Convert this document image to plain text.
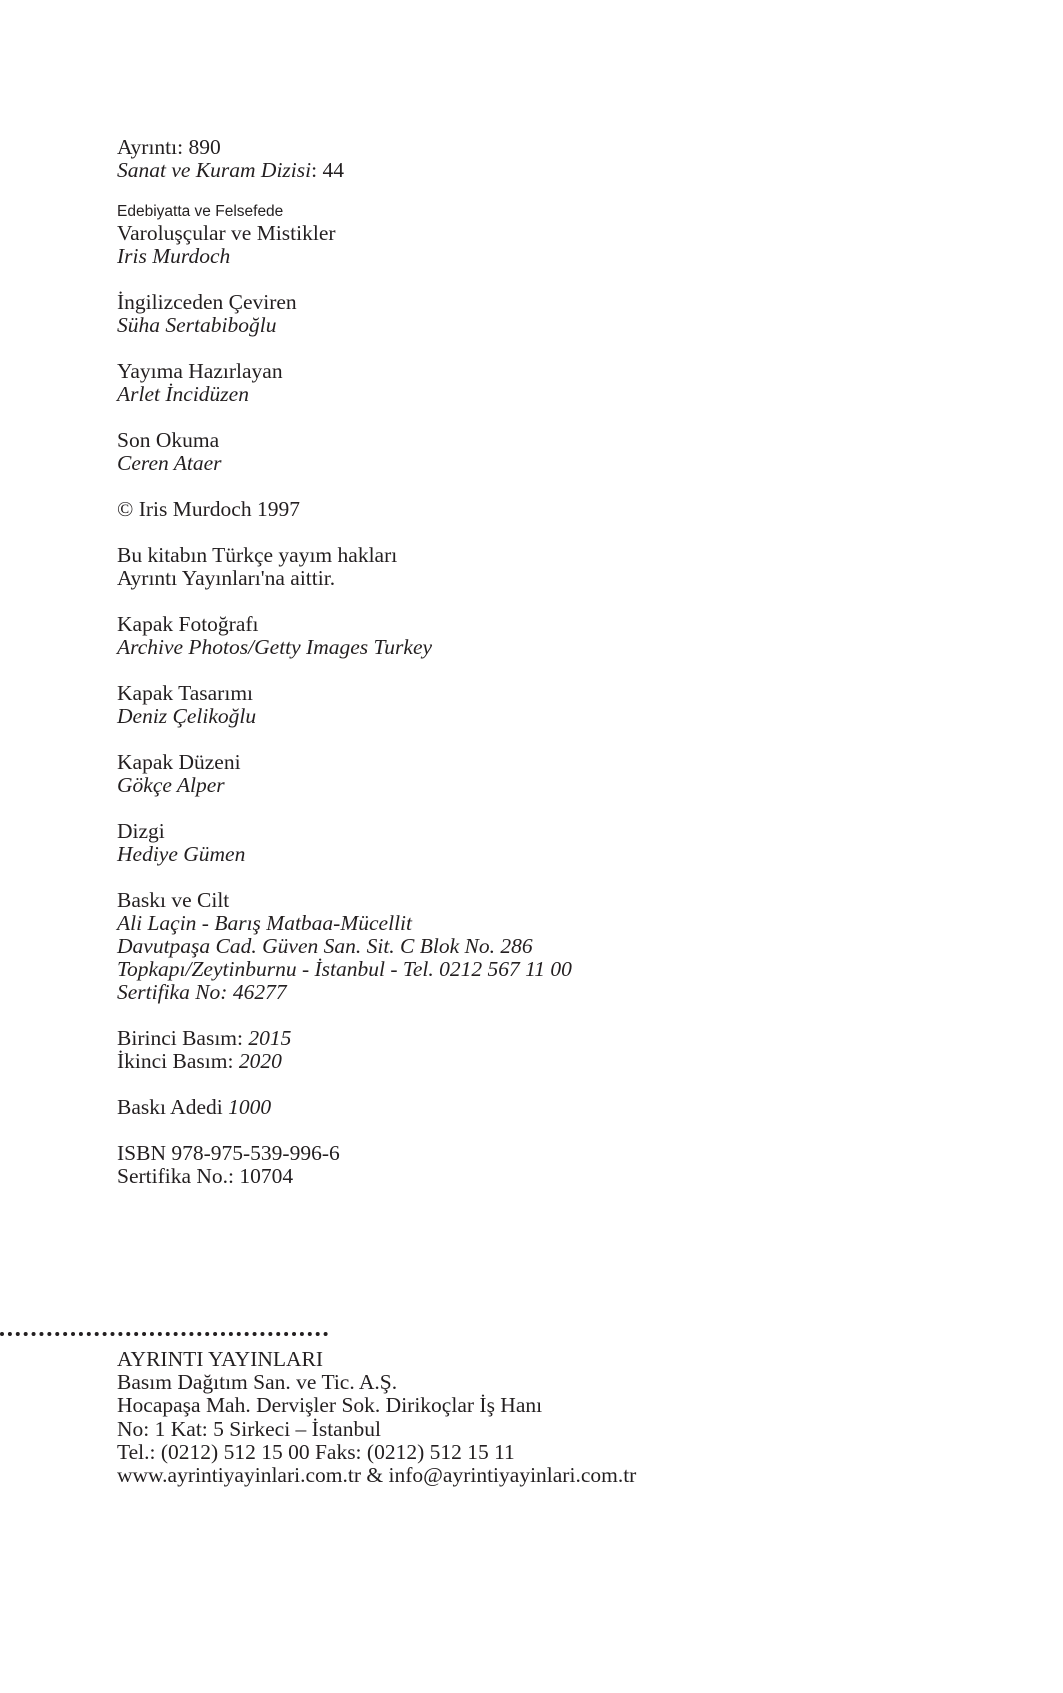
Ayrıntı: 890
Sanat ve Kuram Dizisi: 44
Edebiyatta ve Felsefede
Varoluşçular ve Mistikler
Iris Murdoch
İngilizceden Çeviren
Süha Sertabiboğlu
Yayıma Hazırlayan
Arlet İncidüzen
Son Okuma
Ceren Ataer
© Iris Murdoch 1997
Bu kitabın Türkçe yayım hakları
Ayrıntı Yayınları'na aittir.
Kapak Fotoğrafı
Archive Photos/Getty Images Turkey
Kapak Tasarımı
Deniz Çelikoğlu
Kapak Düzeni
Gökçe Alper
Dizgi
Hediye Gümen
Baskı ve Cilt
Ali Laçin - Barış Matbaa-Mücellit
Davutpaşa Cad. Güven San. Sit. C Blok No. 286
Topkapı/Zeytinburnu - İstanbul - Tel. 0212 567 11 00
Sertifika No: 46277
Birinci Basım: 2015
İkinci Basım: 2020
Baskı Adedi 1000
ISBN 978-975-539-996-6
Sertifika No.: 10704
AYRINTI YAYINLARI
Basım Dağıtım San. ve Tic. A.Ş.
Hocapaşa Mah. Dervişler Sok. Dirikoçlar İş Hanı
No: 1 Kat: 5 Sirkeci – İstanbul
Tel.: (0212) 512 15 00 Faks: (0212) 512 15 11
www.ayrintiyayinlari.com.tr & info@ayrintiyayinlari.com.tr
